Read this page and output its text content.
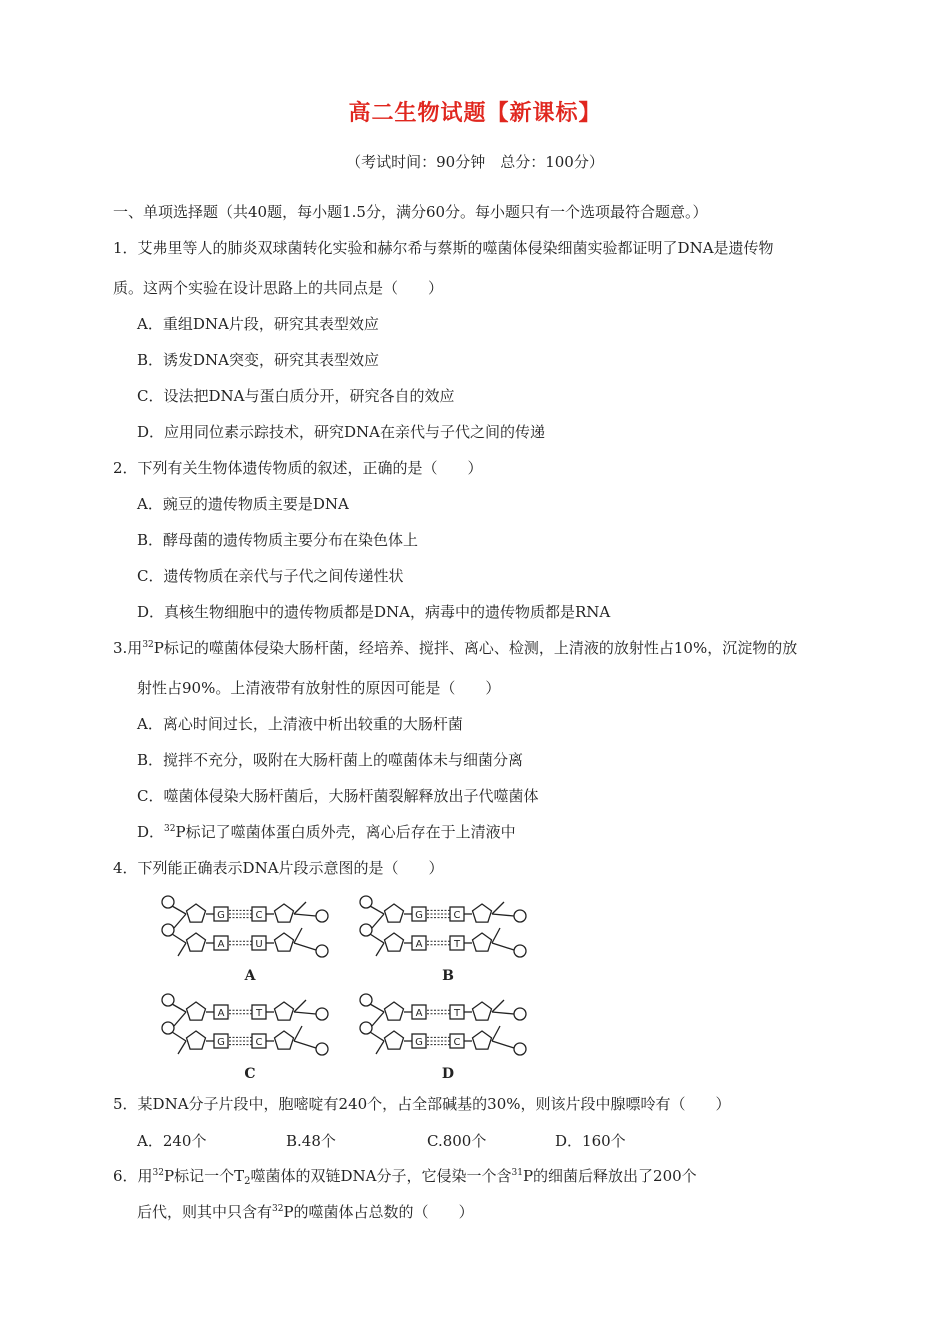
高二生物试题【新课标】
（考试时间：90分钟　总分：100分）
一、单项选择题（共40题，每小题1.5分，满分60分。每小题只有一个选项最符合题意。）
1．艾弗里等人的肺炎双球菌转化实验和赫尔希与蔡斯的噬菌体侵染细菌实验都证明了DNA是遗传物
质。这两个实验在设计思路上的共同点是（　　）
A．重组DNA片段，研究其表型效应
B．诱发DNA突变，研究其表型效应
C．设法把DNA与蛋白质分开，研究各自的效应
D．应用同位素示踪技术，研究DNA在亲代与子代之间的传递
2．下列有关生物体遗传物质的叙述，正确的是（　　）
A．豌豆的遗传物质主要是DNA
B．酵母菌的遗传物质主要分布在染色体上
C．遗传物质在亲代与子代之间传递性状
D．真核生物细胞中的遗传物质都是DNA，病毒中的遗传物质都是RNA
3.用$^{32}$P标记的噬菌体侵染大肠杆菌，经培养、搅拌、离心、检测，上清液的放射性占10%，沉淀物的放
射性占90%。上清液带有放射性的原因可能是（　　）
A．离心时间过长，上清液中析出较重的大肠杆菌
B．搅拌不充分，吸附在大肠杆菌上的噬菌体未与细菌分离
C．噬菌体侵染大肠杆菌后，大肠杆菌裂解释放出子代噬菌体
D．$^{32}$P标记了噬菌体蛋白质外壳，离心后存在于上清液中
4．下列能正确表示DNA片段示意图的是（　　）
G	C
A	U
A
G	C
A	T
B
A	T
G	C
C
A	T
G	C
D
5．某DNA分子片段中，胞嘧啶有240个，占全部碱基的30%，则该片段中腺嘌呤有（　　）
A．240个	B.48个	C.800个	D．160个
6．用$^{32}$P标记一个$T_2$噬菌体的双链DNA分子，它侵染一个含$^{31}$P的细菌后释放出了200个
后代，则其中只含有$^{32}$P的噬菌体占总数的（　　）
